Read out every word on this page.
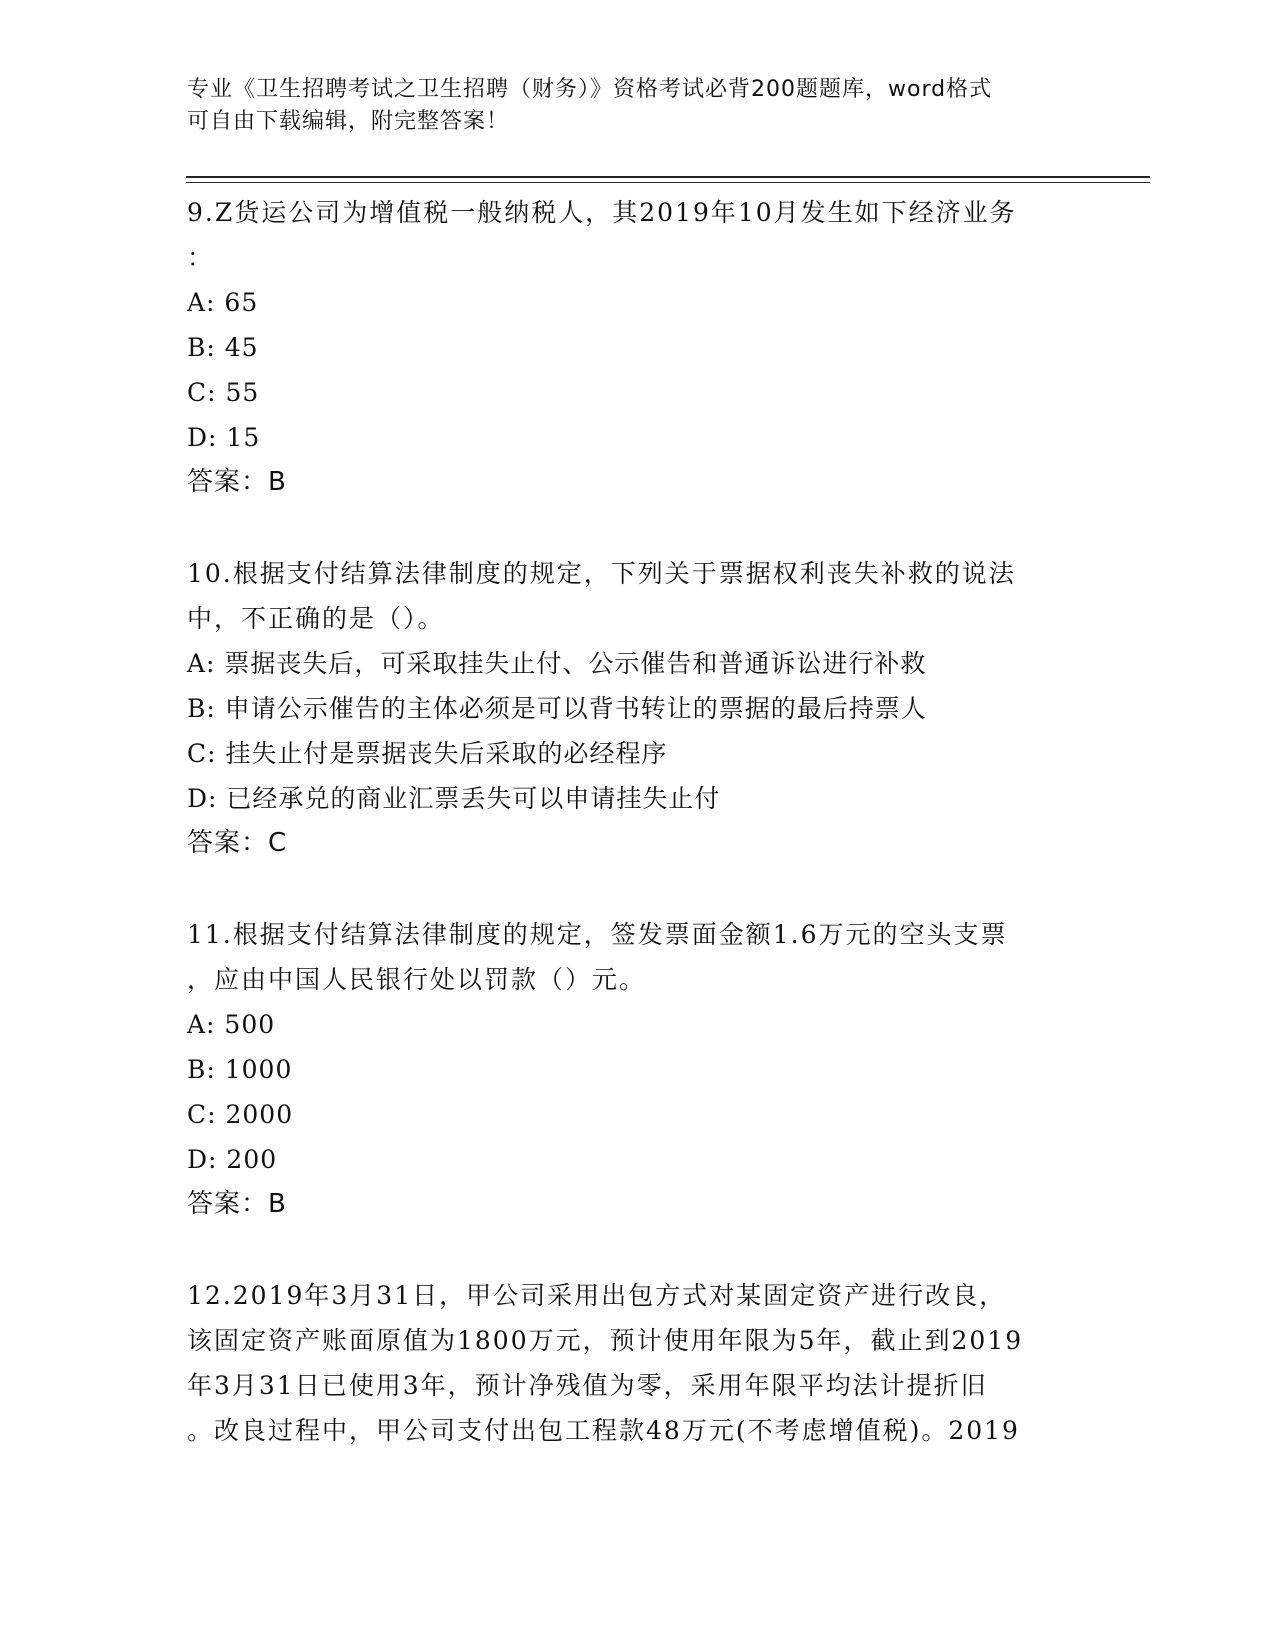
专业《卫生招聘考试之卫生招聘（财务）》资格考试必背200题题库，word格式
可自由下载编辑，附完整答案！
9.Z货运公司为增值税一般纳税人，其2019年10月发生如下经济业务
：
A: 65
B: 45
C: 55
D: 15
答案：B
10.根据支付结算法律制度的规定，下列关于票据权利丧失补救的说法
中，不正确的是（）。
A: 票据丧失后，可采取挂失止付、公示催告和普通诉讼进行补救
B: 申请公示催告的主体必须是可以背书转让的票据的最后持票人
C: 挂失止付是票据丧失后采取的必经程序
D: 已经承兑的商业汇票丢失可以申请挂失止付
答案：C
11.根据支付结算法律制度的规定，签发票面金额1.6万元的空头支票
，应由中国人民银行处以罚款（）元。
A: 500
B: 1000
C: 2000
D: 200
答案：B
12.2019年3月31日，甲公司采用出包方式对某固定资产进行改良，
该固定资产账面原值为1800万元，预计使用年限为5年，截止到2019
年3月31日已使用3年，预计净残值为零，采用年限平均法计提折旧
。改良过程中，甲公司支付出包工程款48万元(不考虑增值税)。2019
